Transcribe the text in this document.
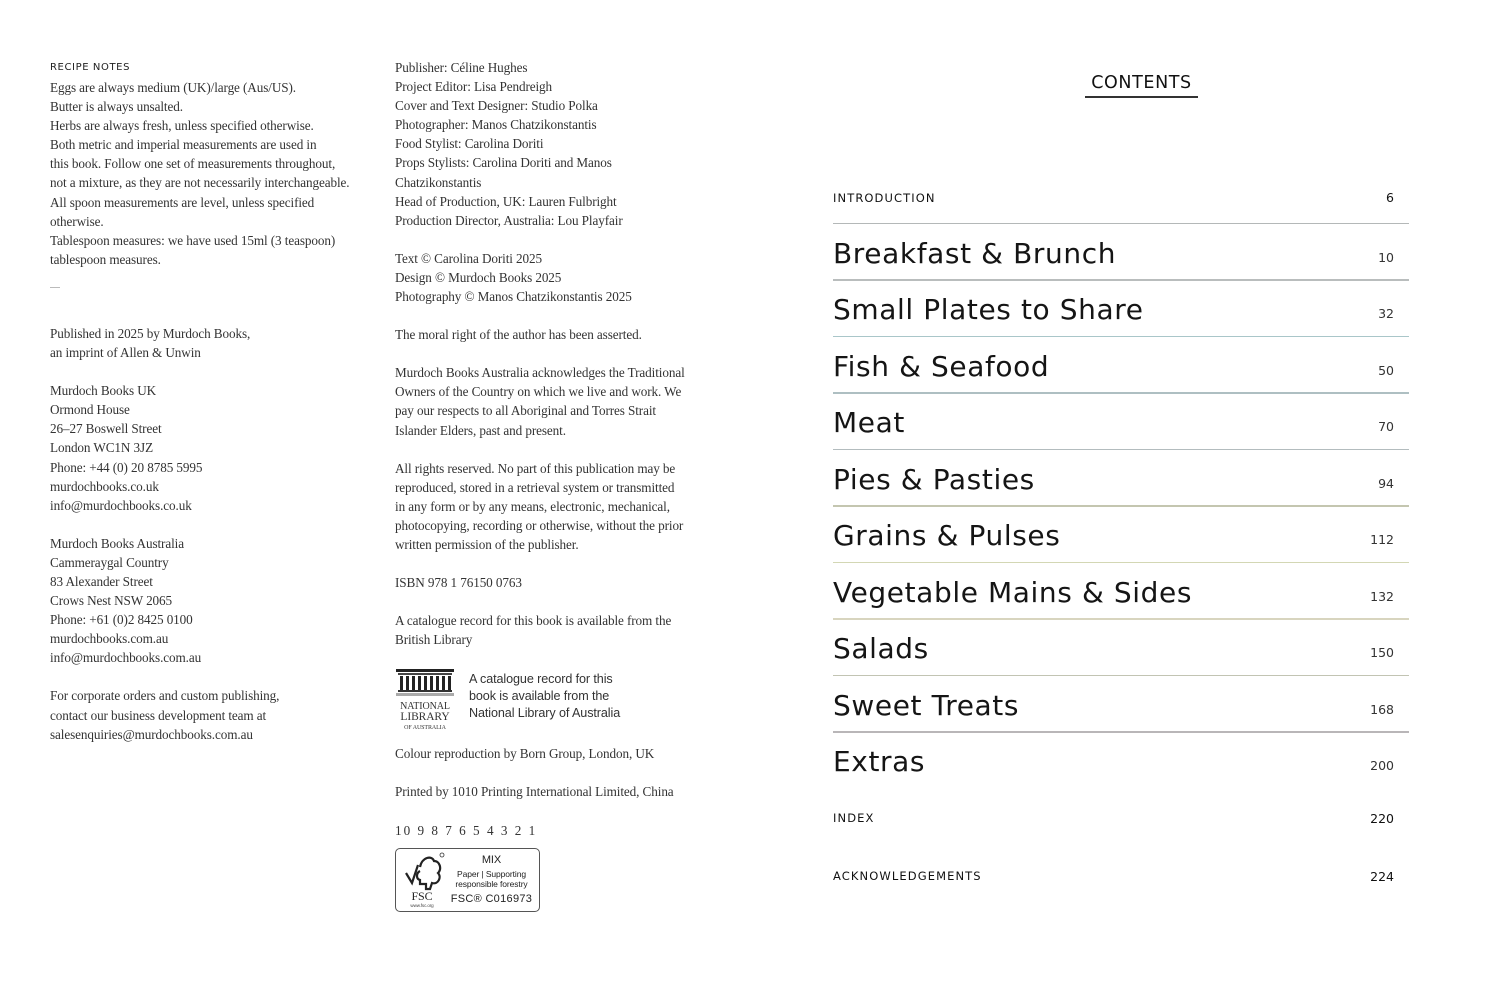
RECIPE NOTES
Eggs are always medium (UK)/large (Aus/US).
Butter is always unsalted.
Herbs are always fresh, unless specified otherwise.
Both metric and imperial measurements are used in
this book. Follow one set of measurements throughout,
not a mixture, as they are not necessarily interchangeable.
All spoon measurements are level, unless specified
otherwise.
Tablespoon measures: we have used 15ml (3 teaspoon)
tablespoon measures.
Published in 2025 by Murdoch Books,
an imprint of Allen & Unwin
Murdoch Books UK
Ormond House
26–27 Boswell Street
London WC1N 3JZ
Phone: +44 (0) 20 8785 5995
murdochbooks.co.uk
info@murdochbooks.co.uk
Murdoch Books Australia
Cammeraygal Country
83 Alexander Street
Crows Nest NSW 2065
Phone: +61 (0)2 8425 0100
murdochbooks.com.au
info@murdochbooks.com.au
For corporate orders and custom publishing,
contact our business development team at
salesenquiries@murdochbooks.com.au
Publisher: Céline Hughes
Project Editor: Lisa Pendreigh
Cover and Text Designer: Studio Polka
Photographer: Manos Chatzikonstantis
Food Stylist: Carolina Doriti
Props Stylists: Carolina Doriti and Manos
Chatzikonstantis
Head of Production, UK: Lauren Fulbright
Production Director, Australia: Lou Playfair
Text © Carolina Doriti 2025
Design © Murdoch Books 2025
Photography © Manos Chatzikonstantis 2025
The moral right of the author has been asserted.
Murdoch Books Australia acknowledges the Traditional
Owners of the Country on which we live and work. We
pay our respects to all Aboriginal and Torres Strait
Islander Elders, past and present.
All rights reserved. No part of this publication may be
reproduced, stored in a retrieval system or transmitted
in any form or by any means, electronic, mechanical,
photocopying, recording or otherwise, without the prior
written permission of the publisher.
ISBN 978 1 76150 0763
A catalogue record for this book is available from the
British Library
NATIONAL
LIBRARY
OF AUSTRALIA
A catalogue record for this
book is available from the
National Library of Australia
Colour reproduction by Born Group, London, UK
Printed by 1010 Printing International Limited, China
10 9 8 7 6 5 4 3 2 1
FSC
www.fsc.org
MIX
Paper | Supporting
responsible forestry
FSC® C016973
CONTENTS
INTRODUCTION	6
Breakfast & Brunch	10
Small Plates to Share	32
Fish & Seafood	50
Meat	70
Pies & Pasties	94
Grains & Pulses	112
Vegetable Mains & Sides	132
Salads	150
Sweet Treats	168
Extras	200
INDEX	220
ACKNOWLEDGEMENTS	224
